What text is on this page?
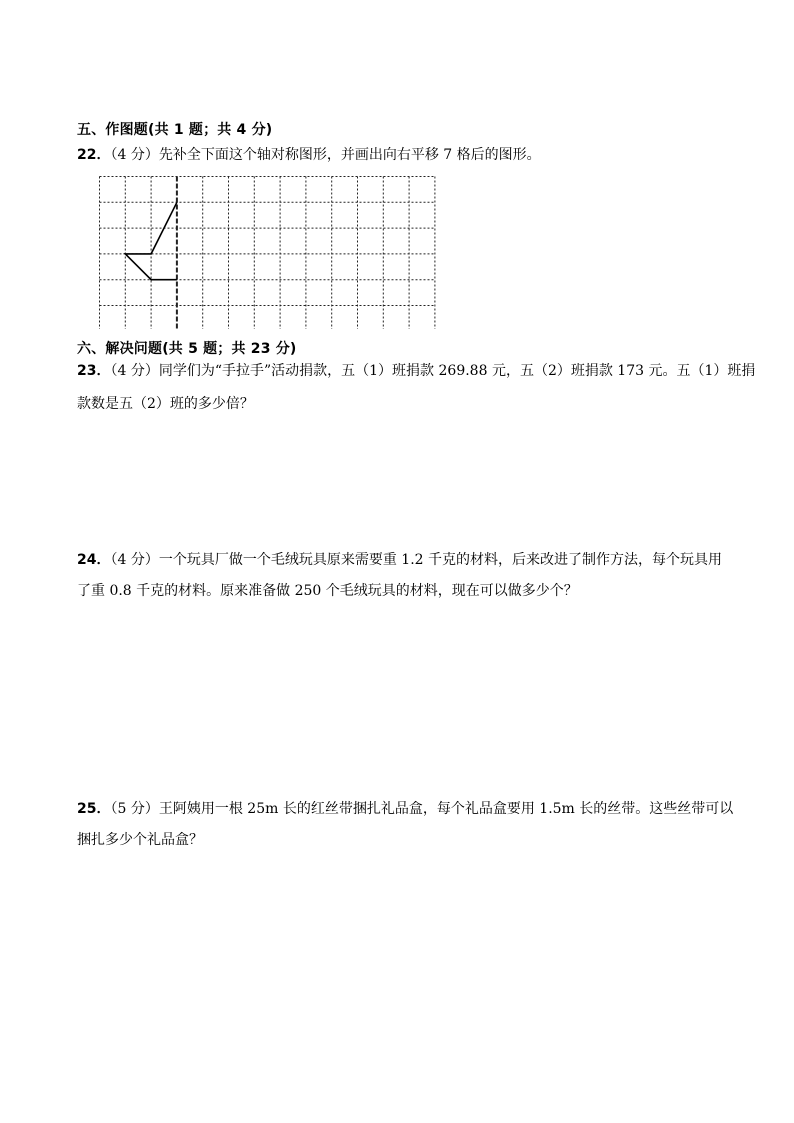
五、作图题(共 1 题；共 4 分)
22．（4 分）先补全下面这个轴对称图形，并画出向右平移 7 格后的图形。
六、解决问题(共 5 题；共 23 分)
23．（4 分）同学们为“手拉手”活动捐款，五（1）班捐款 269.88 元，五（2）班捐款 173 元。五（1）班捐
款数是五（2）班的多少倍？
24．（4 分）一个玩具厂做一个毛绒玩具原来需要重 1.2 千克的材料，后来改进了制作方法，每个玩具用
了重 0.8 千克的材料。原来准备做 250 个毛绒玩具的材料，现在可以做多少个？
25．（5 分）王阿姨用一根 25m 长的红丝带捆扎礼品盒，每个礼品盒要用 1.5m 长的丝带。这些丝带可以
捆扎多少个礼品盒？
